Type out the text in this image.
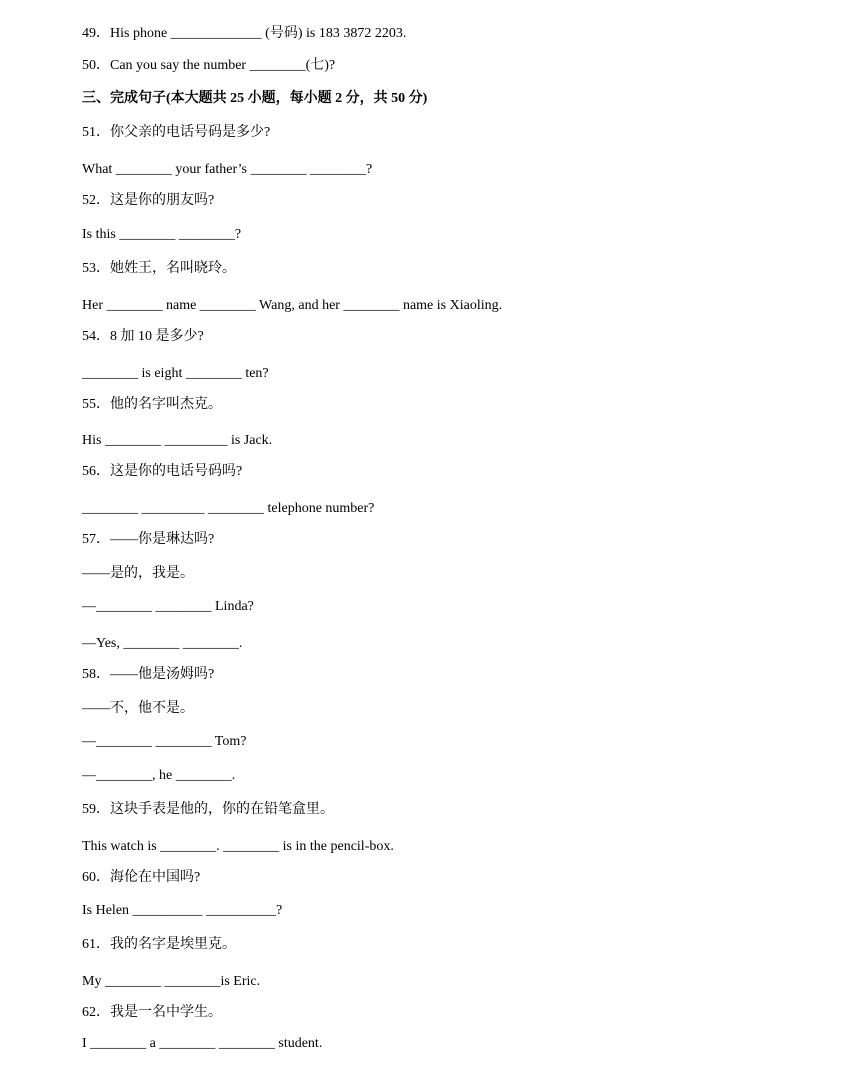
49．His phone _____________ (号码) is 183 3872 2203.
50．Can you say the number ________(七)?
三、完成句子(本大题共 25 小题，每小题 2 分，共 50 分)
51．你父亲的电话号码是多少?
What ________ your father’s ________ ________?
52．这是你的朋友吗?
Is this ________ ________?
53．她姓王，名叫晓玲。
Her ________ name ________ Wang, and her ________ name is Xiaoling.
54．8 加 10 是多少?
________ is eight ________ ten?
55．他的名字叫杰克。
His ________ _________ is Jack.
56．这是你的电话号码吗?
________ _________ ________ telephone number?
57．——你是琳达吗?
——是的，我是。
—________ ________ Linda?
—Yes, ________ ________.
58．——他是汤姆吗?
——不，他不是。
—________ ________ Tom?
—________, he ________.
59．这块手表是他的，你的在铅笔盒里。
This watch is ________. ________ is in the pencil-box.
60．海伦在中国吗?
Is Helen __________ __________?
61．我的名字是埃里克。
My ________ ________is Eric.
62．我是一名中学生。
I ________ a ________ ________ student.
